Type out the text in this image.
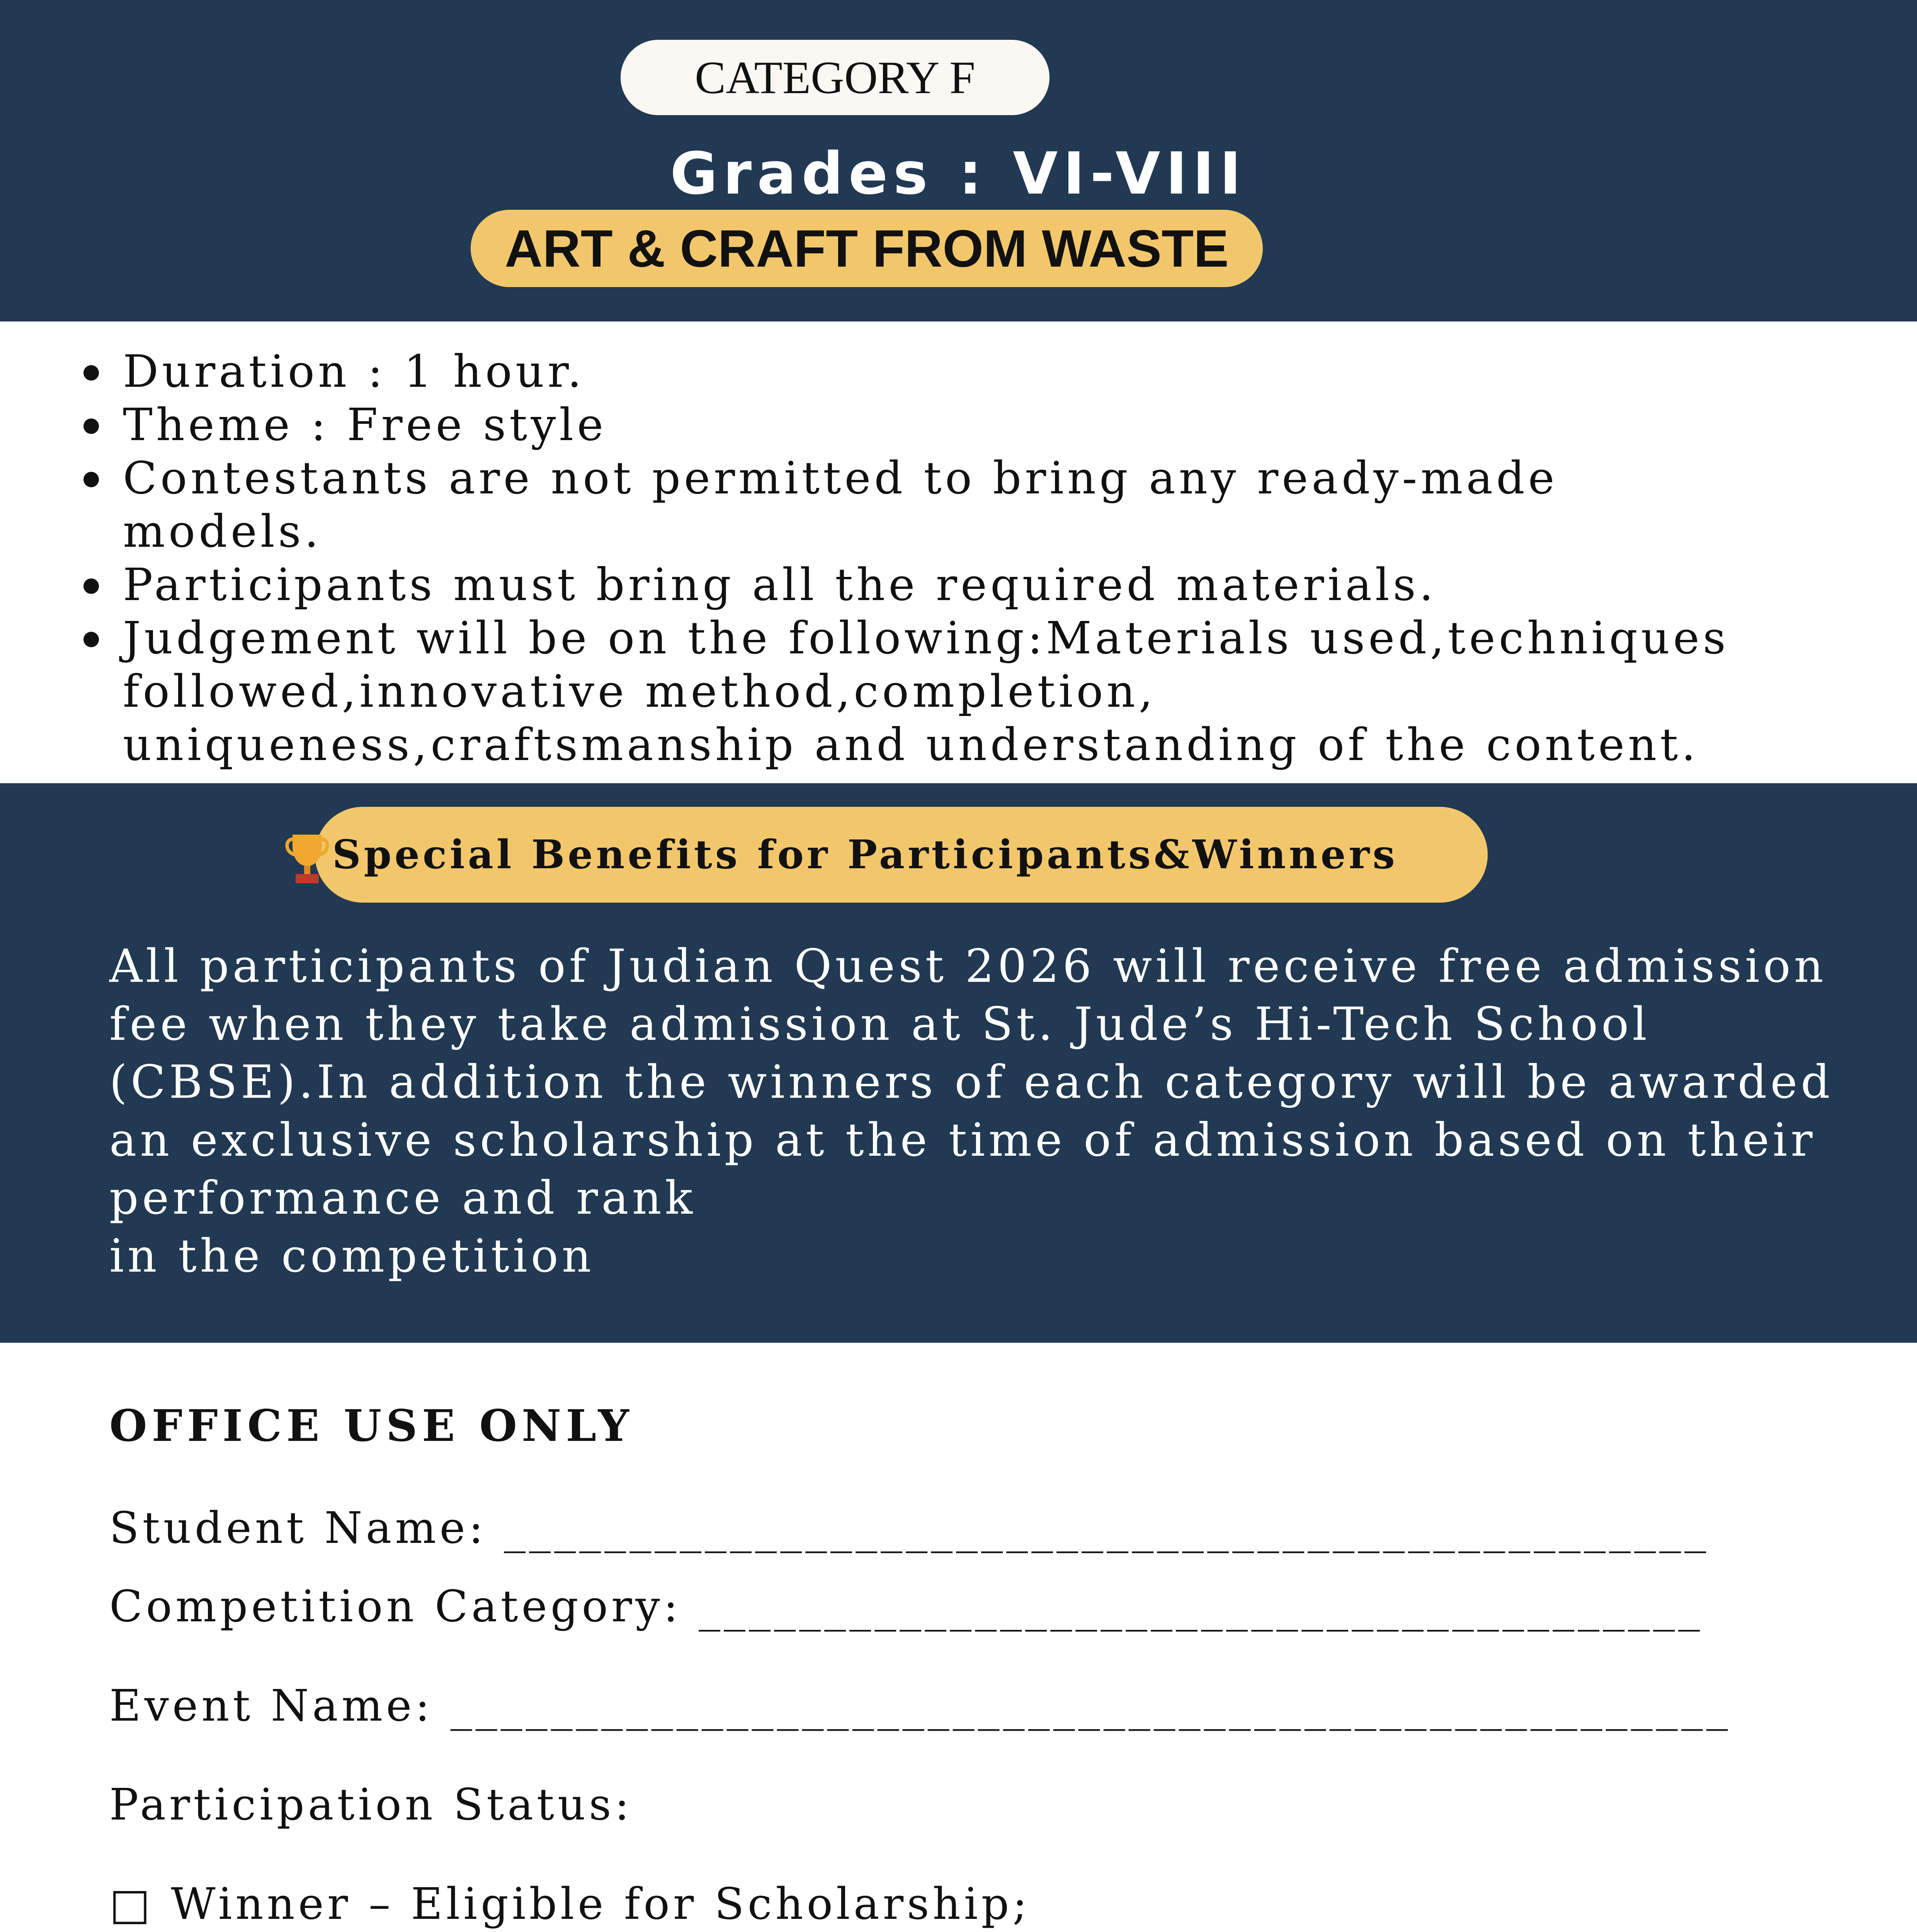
CATEGORY F
Grades : VI-VIII
ART & CRAFT FROM WASTE
Duration : 1 hour.
Theme : Free style
Contestants are not permitted to bring any ready-made models.
Participants must bring all the required materials.
Judgement will be on the following:Materials used,techniques followed,innovative method,completion, uniqueness,craftsmanship and understanding of the content.
Special Benefits for Participants&Winners

All participants of Judian Quest 2026 will receive free admission fee when they take admission at St. Jude’s Hi-Tech School (CBSE).In addition the winners of each category will be awarded an exclusive scholarship at the time of admission based on their performance and rank
in the competition

OFFICE USE ONLY
Student Name: ________________________________________________
Competition Category: ________________________________________
Event Name: ___________________________________________________
Participation Status:
□ Winner – Eligible for Scholarship;
